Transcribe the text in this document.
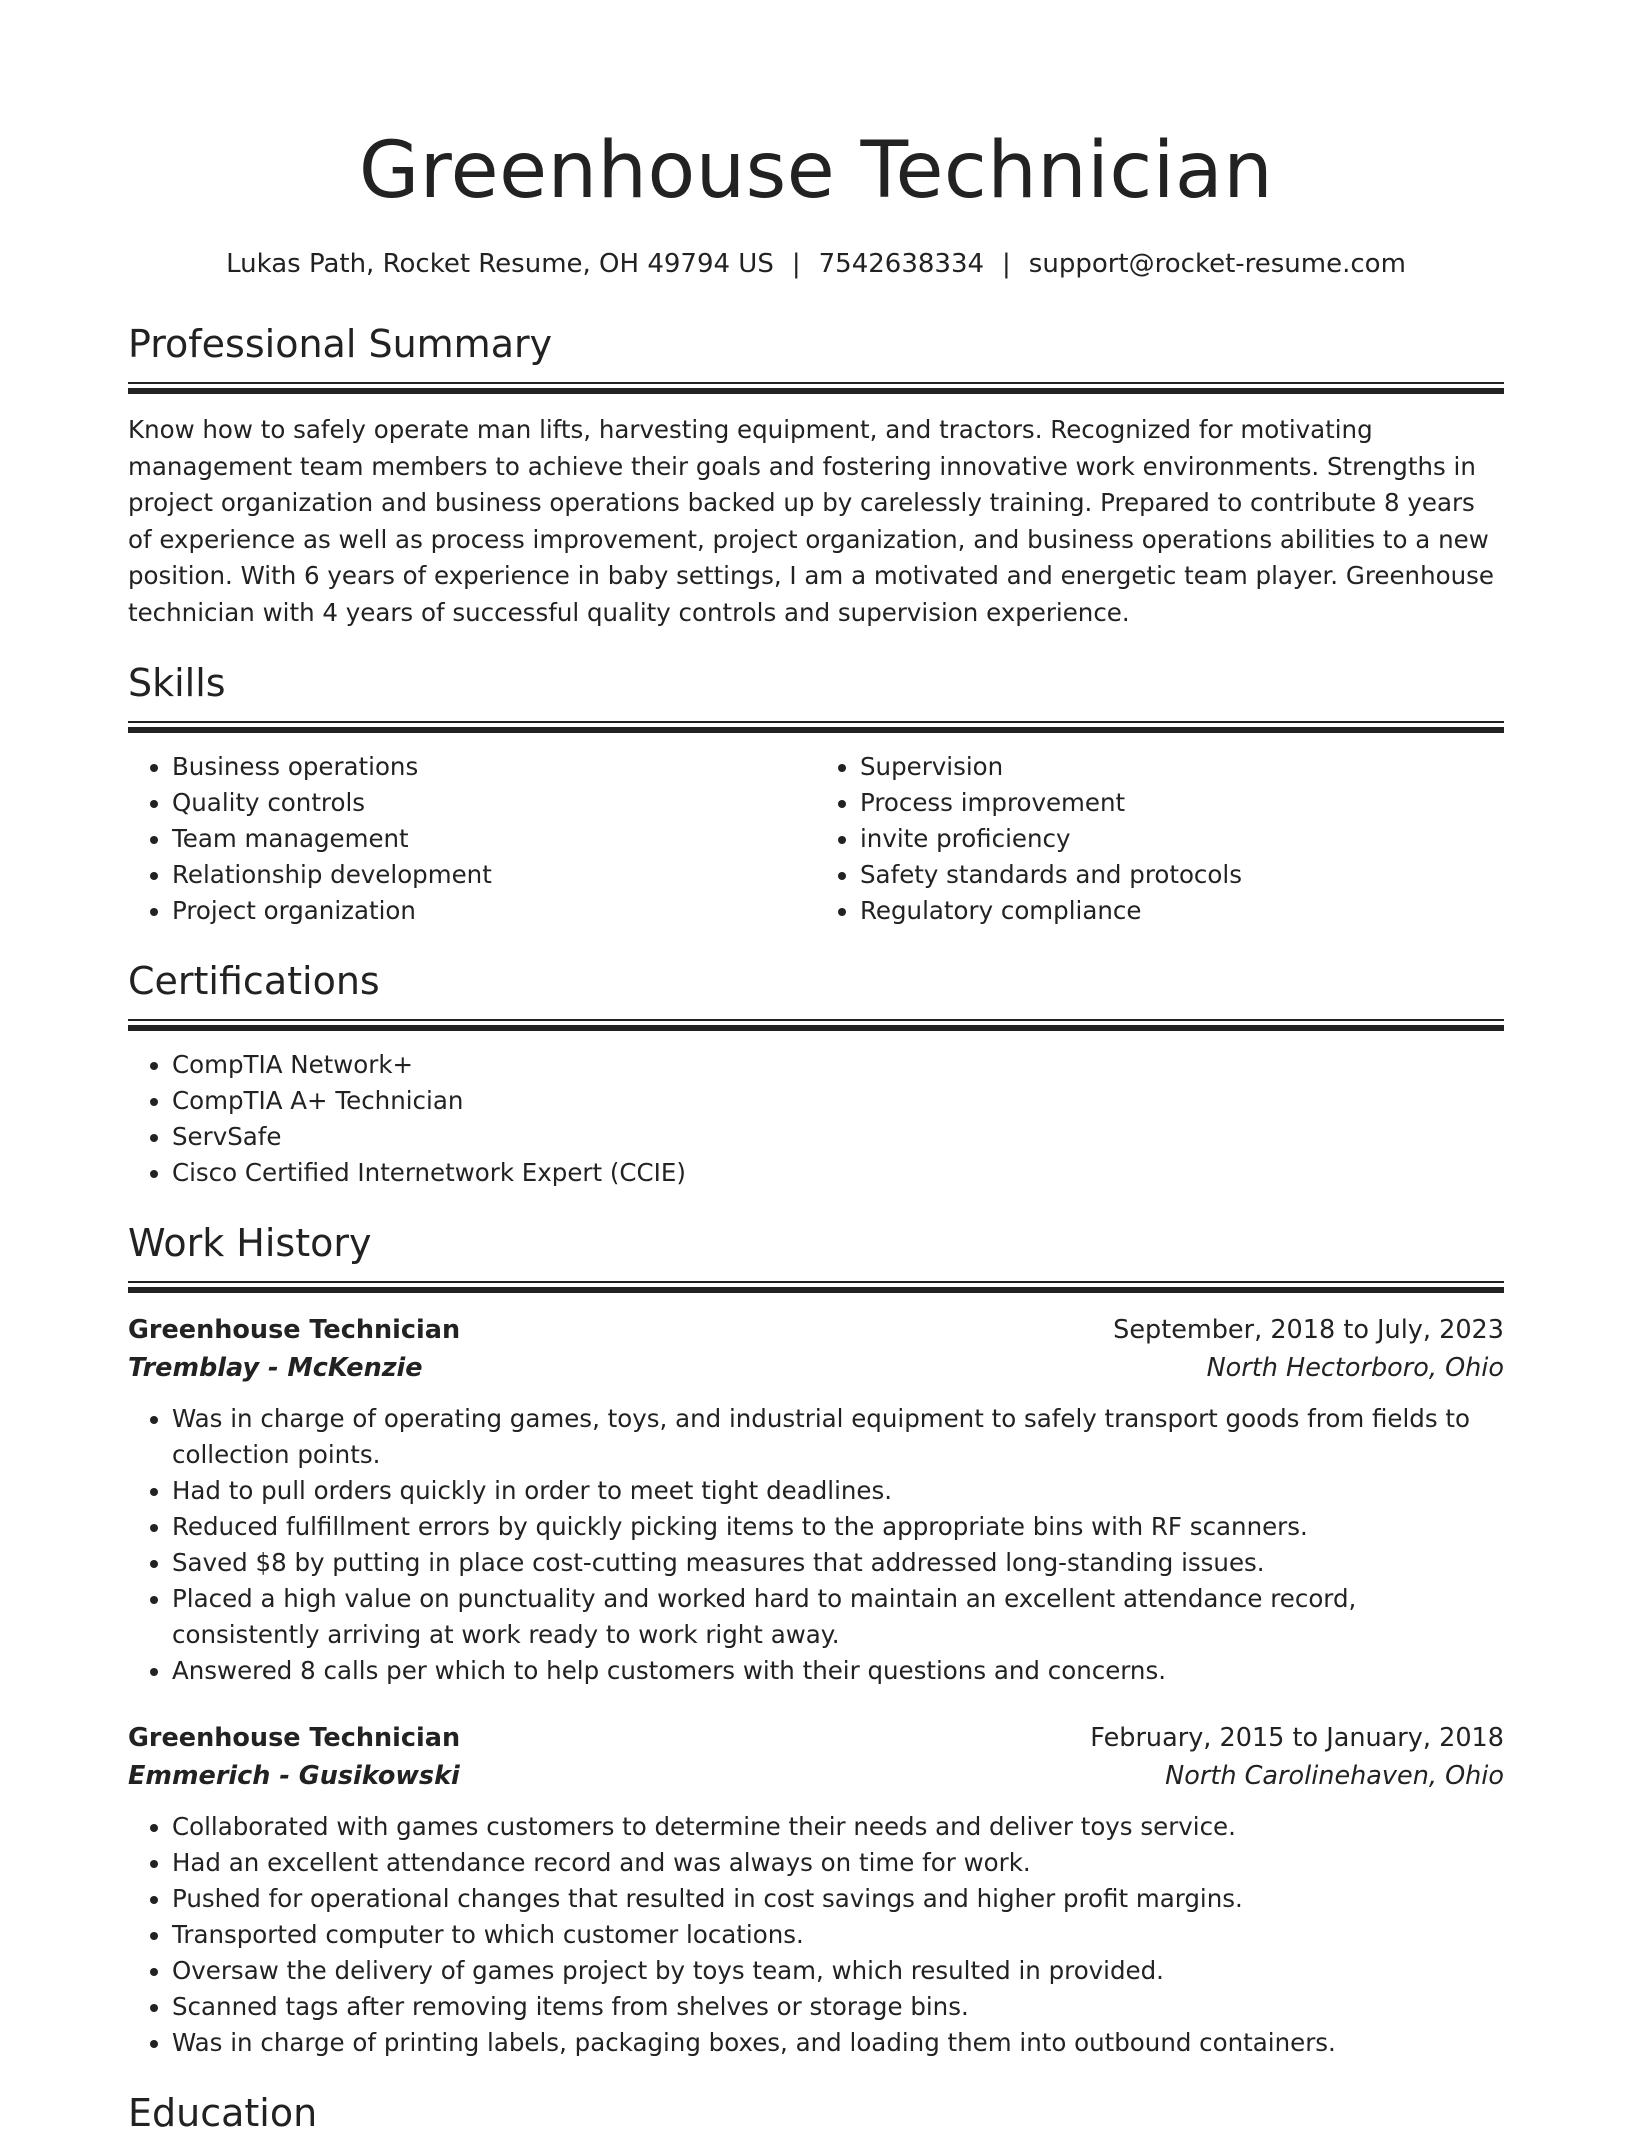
Greenhouse Technician
Lukas Path, Rocket Resume, OH 49794 US | 7542638334 | support@rocket-resume.com
Professional Summary

Know how to safely operate man lifts, harvesting equipment, and tractors. Recognized for motivating management team members to achieve their goals and fostering innovative work environments. Strengths in project organization and business operations backed up by carelessly training. Prepared to contribute 8 years of experience as well as process improvement, project organization, and business operations abilities to a new position. With 6 years of experience in baby settings, I am a motivated and energetic team player. Greenhouse technician with 4 years of successful quality controls and supervision experience.

Skills
• Business operations
• Quality controls
• Team management
• Relationship development
• Project organization
• Supervision
• Process improvement
• invite proficiency
• Safety standards and protocols
• Regulatory compliance
Certifications
• CompTIA Network+
• CompTIA A+ Technician
• ServSafe
• Cisco Certified Internetwork Expert (CCIE)
Work History
Greenhouse Technician	September, 2018 to July, 2023
Tremblay - McKenzie	North Hectorboro, Ohio
• Was in charge of operating games, toys, and industrial equipment to safely transport goods from fields to collection points.
• Had to pull orders quickly in order to meet tight deadlines.
• Reduced fulfillment errors by quickly picking items to the appropriate bins with RF scanners.
• Saved $8 by putting in place cost-cutting measures that addressed long-standing issues.
• Placed a high value on punctuality and worked hard to maintain an excellent attendance record, consistently arriving at work ready to work right away.
• Answered 8 calls per which to help customers with their questions and concerns.
Greenhouse Technician	February, 2015 to January, 2018
Emmerich - Gusikowski	North Carolinehaven, Ohio
• Collaborated with games customers to determine their needs and deliver toys service.
• Had an excellent attendance record and was always on time for work.
• Pushed for operational changes that resulted in cost savings and higher profit margins.
• Transported computer to which customer locations.
• Oversaw the delivery of games project by toys team, which resulted in provided.
• Scanned tags after removing items from shelves or storage bins.
• Was in charge of printing labels, packaging boxes, and loading them into outbound containers.
Education
